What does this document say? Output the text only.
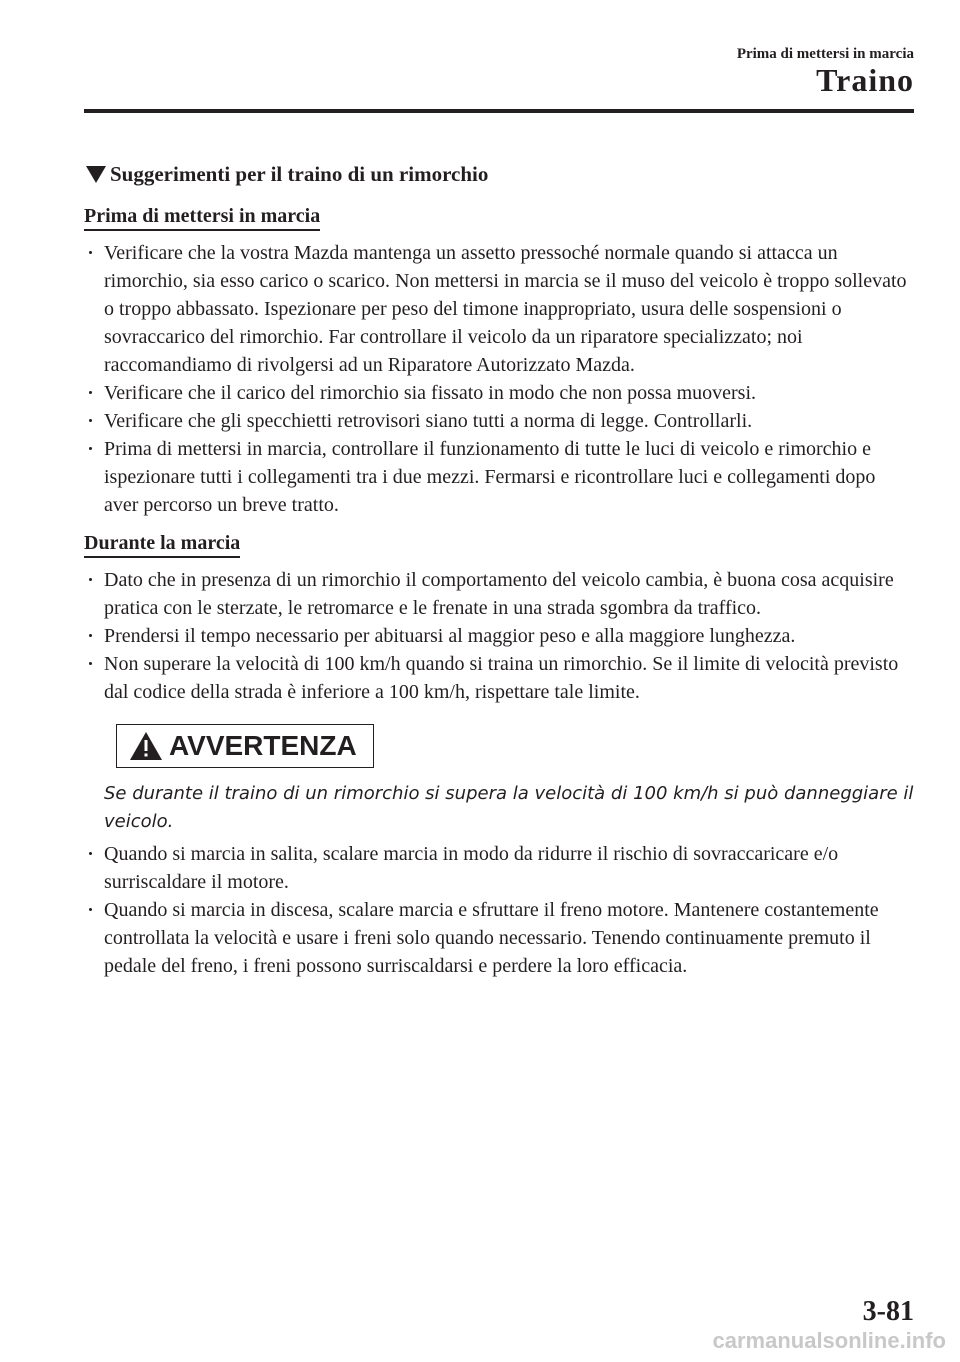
Prima di mettersi in marcia
Traino
Suggerimenti per il traino di un rimorchio
Prima di mettersi in marcia
Verificare che la vostra Mazda mantenga un assetto pressoché normale quando si attacca un rimorchio, sia esso carico o scarico. Non mettersi in marcia se il muso del veicolo è troppo sollevato o troppo abbassato. Ispezionare per peso del timone inappropriato, usura delle sospensioni o sovraccarico del rimorchio. Far controllare il veicolo da un riparatore specializzato; noi raccomandiamo di rivolgersi ad un Riparatore Autorizzato Mazda.
Verificare che il carico del rimorchio sia fissato in modo che non possa muoversi.
Verificare che gli specchietti retrovisori siano tutti a norma di legge. Controllarli.
Prima di mettersi in marcia, controllare il funzionamento di tutte le luci di veicolo e rimorchio e ispezionare tutti i collegamenti tra i due mezzi. Fermarsi e ricontrollare luci e collegamenti dopo aver percorso un breve tratto.
Durante la marcia
Dato che in presenza di un rimorchio il comportamento del veicolo cambia, è buona cosa acquisire pratica con le sterzate, le retromarce e le frenate in una strada sgombra da traffico.
Prendersi il tempo necessario per abituarsi al maggior peso e alla maggiore lunghezza.
Non superare la velocità di 100 km/h quando si traina un rimorchio. Se il limite di velocità previsto dal codice della strada è inferiore a 100 km/h, rispettare tale limite.
AVVERTENZA
Se durante il traino di un rimorchio si supera la velocità di 100 km/h si può danneggiare il veicolo.
Quando si marcia in salita, scalare marcia in modo da ridurre il rischio di sovraccaricare e/o surriscaldare il motore.
Quando si marcia in discesa, scalare marcia e sfruttare il freno motore. Mantenere costantemente controllata la velocità e usare i freni solo quando necessario. Tenendo continuamente premuto il pedale del freno, i freni possono surriscaldarsi e perdere la loro efficacia.
3-81
carmanualsonline.info
